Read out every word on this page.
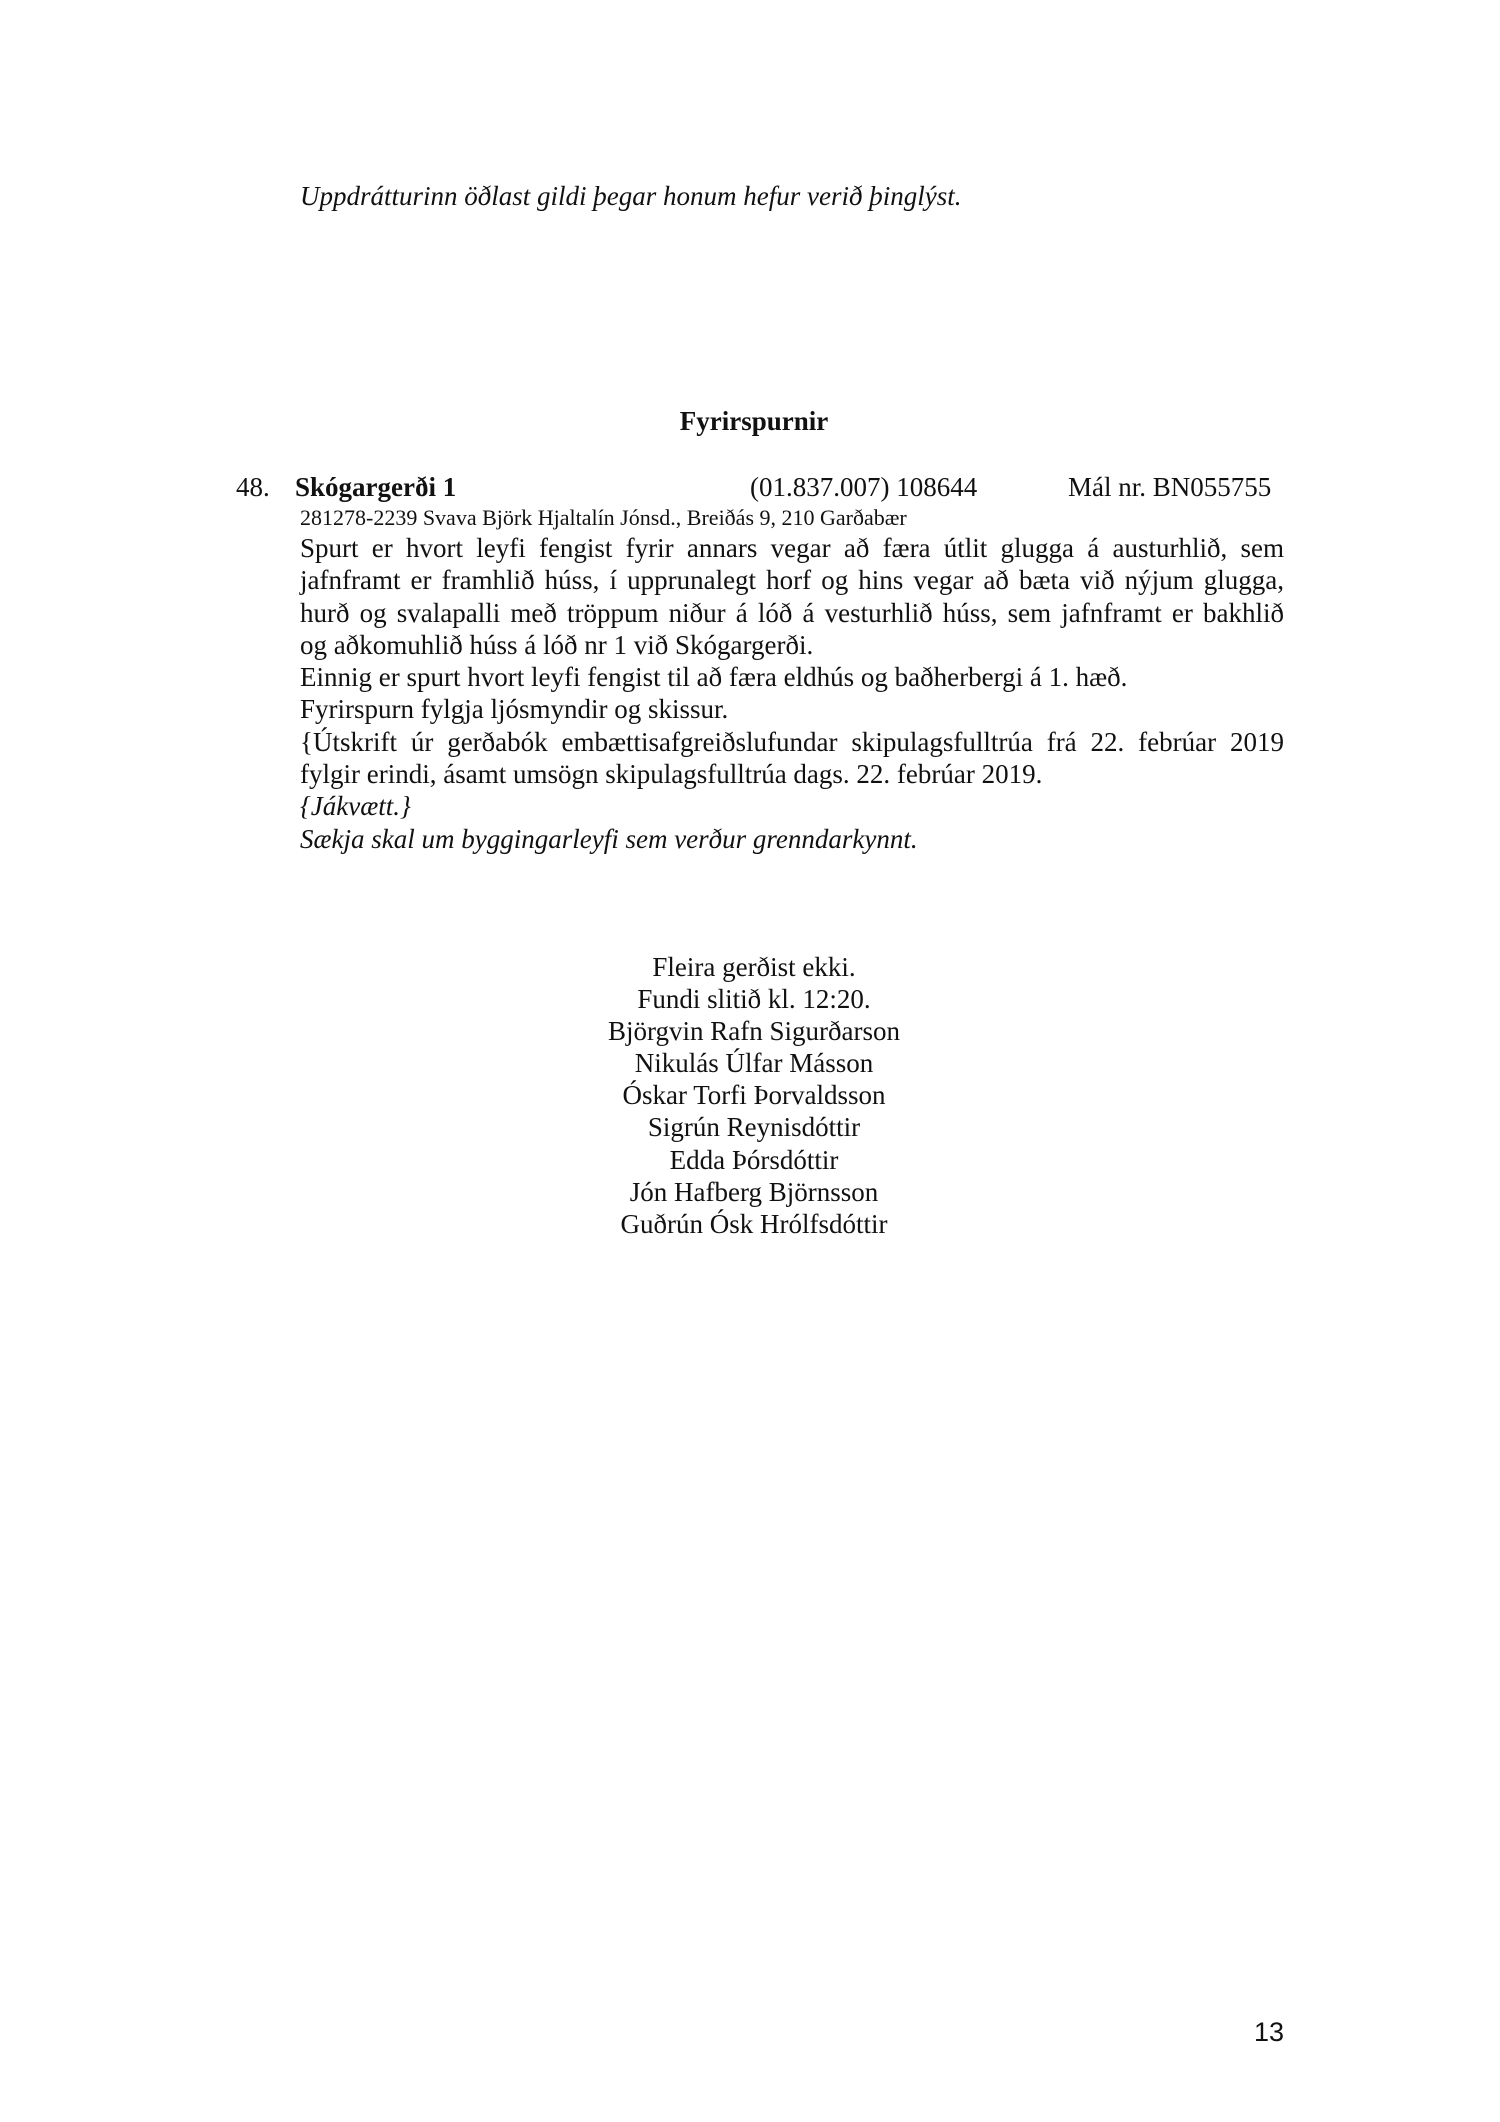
Uppdrátturinn öðlast gildi þegar honum hefur verið þinglýst.
Fyrirspurnir
48. Skógargerði 1	(01.837.007) 108644	Mál nr. BN055755
281278-2239 Svava Björk Hjaltalín Jónsd., Breiðás 9, 210 Garðabær
Spurt er hvort leyfi fengist fyrir annars vegar að færa útlit glugga á austurhlið, sem
jafnframt er framhlið húss, í upprunalegt horf og hins vegar að bæta við nýjum glugga,
hurð og svalapalli með tröppum niður á lóð á vesturhlið húss, sem jafnframt er bakhlið
og aðkomuhlið húss á lóð nr 1 við Skógargerði.
Einnig er spurt hvort leyfi fengist til að færa eldhús og baðherbergi á 1. hæð.
Fyrirspurn fylgja ljósmyndir og skissur.
{Útskrift úr gerðabók embættisafgreiðslufundar skipulagsfulltrúa frá 22. febrúar 2019
fylgir erindi, ásamt umsögn skipulagsfulltrúa dags. 22. febrúar 2019.
{Jákvætt.}
Sækja skal um byggingarleyfi sem verður grenndarkynnt.
Fleira gerðist ekki.
Fundi slitið kl. 12:20.
Björgvin Rafn Sigurðarson
Nikulás Úlfar Másson
Óskar Torfi Þorvaldsson
Sigrún Reynisdóttir
Edda Þórsdóttir
Jón Hafberg Björnsson
Guðrún Ósk Hrólfsdóttir
13
